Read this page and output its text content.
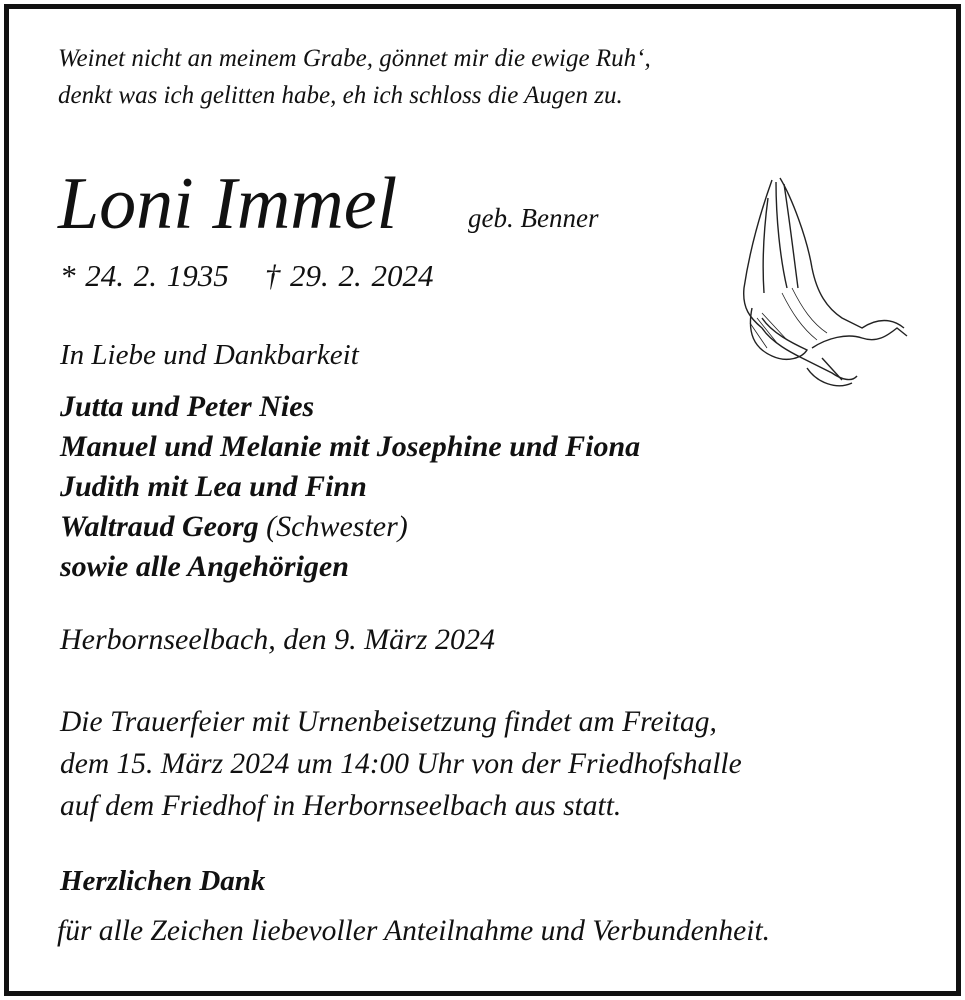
Weinet nicht an meinem Grabe, gönnet mir die ewige Ruh‘,
denkt was ich gelitten habe, eh ich schloss die Augen zu.
Loni Immel	geb. Benner
* 24. 2. 1935 † 29. 2. 2024
In Liebe und Dankbarkeit
Jutta und Peter Nies
Manuel und Melanie mit Josephine und Fiona
Judith mit Lea und Finn
Waltraud Georg (Schwester)
sowie alle Angehörigen
Herbornseelbach, den 9. März 2024
Die Trauerfeier mit Urnenbeisetzung findet am Freitag,
dem 15. März 2024 um 14:00 Uhr von der Friedhofshalle
auf dem Friedhof in Herbornseelbach aus statt.
Herzlichen Dank
für alle Zeichen liebevoller Anteilnahme und Verbundenheit.
